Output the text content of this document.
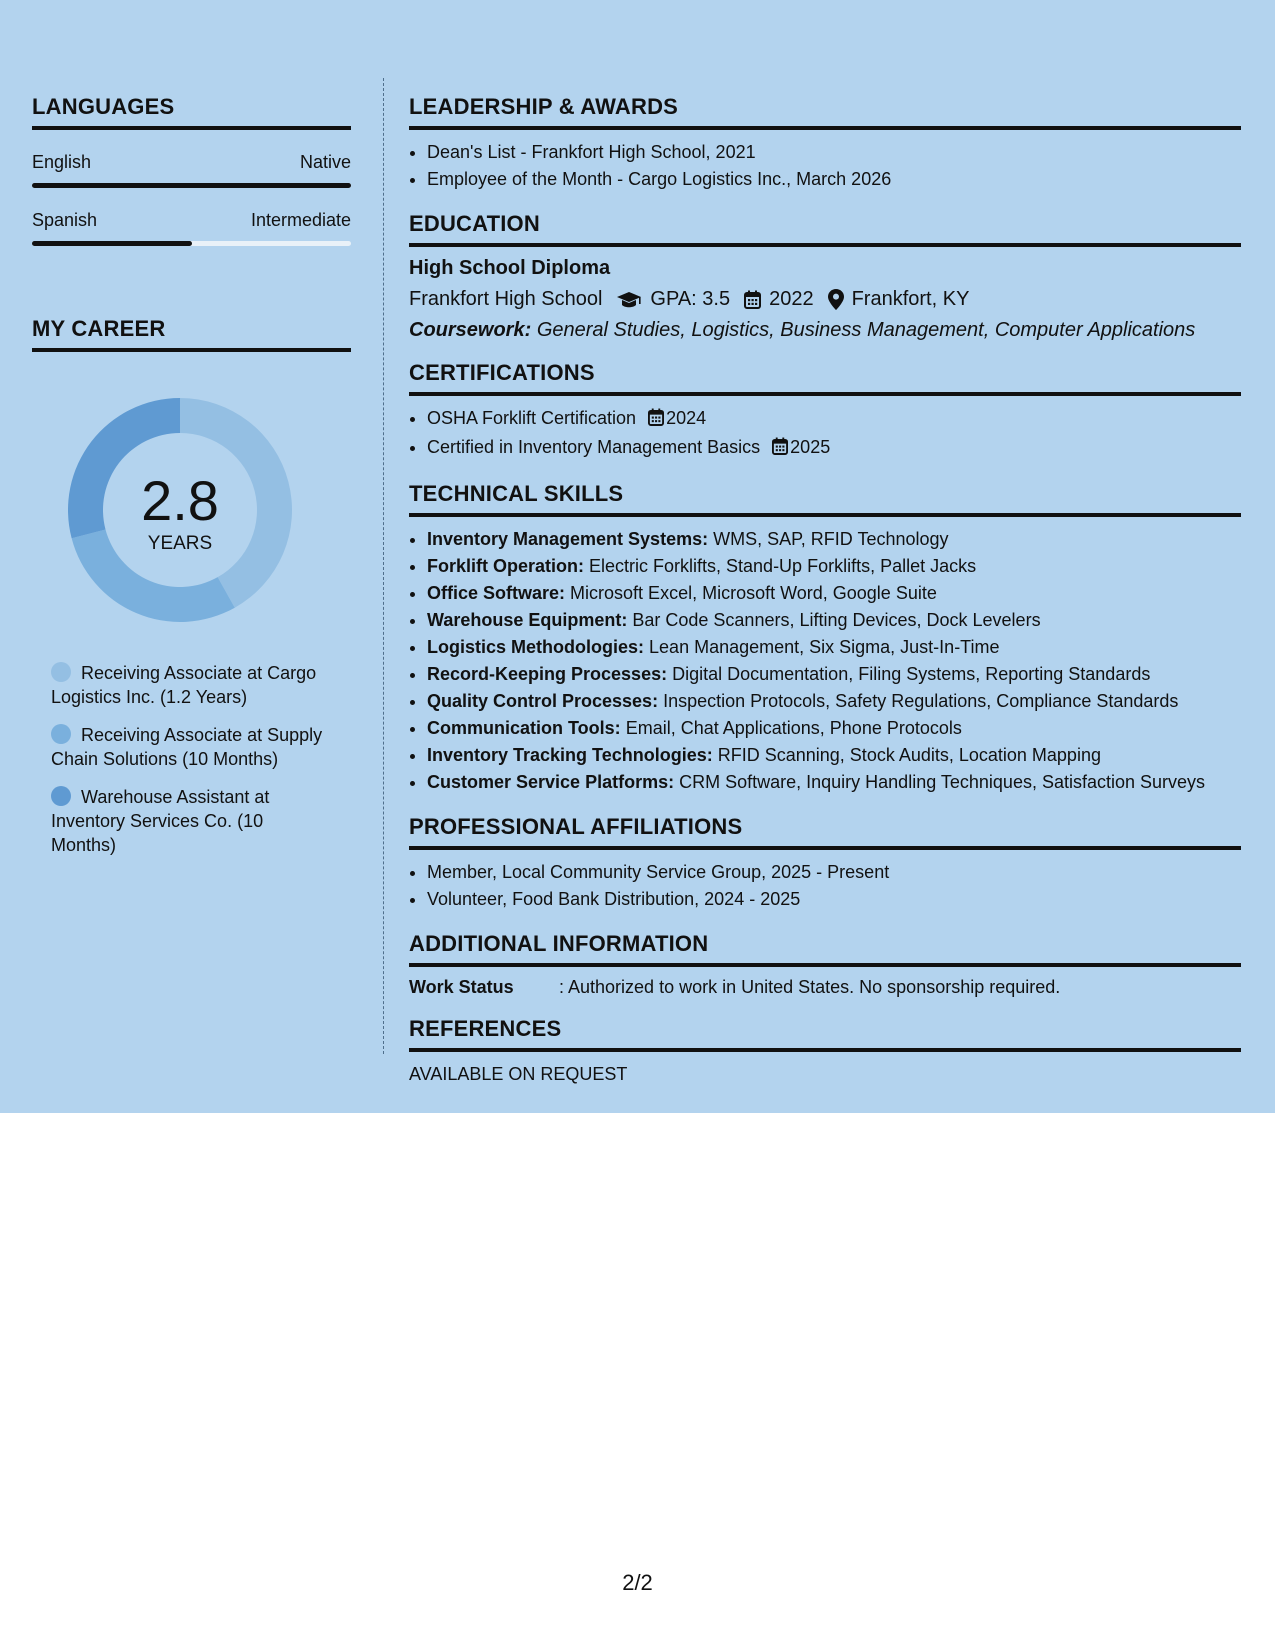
LANGUAGES
English	Native
Spanish	Intermediate
MY CAREER
2.8
YEARS
Receiving Associate at Cargo Logistics Inc. (1.2 Years)
Receiving Associate at Supply Chain Solutions (10 Months)
Warehouse Assistant at Inventory Services Co. (10 Months)
LEADERSHIP & AWARDS
• Dean's List - Frankfort High School, 2021
• Employee of the Month - Cargo Logistics Inc., March 2026
EDUCATION
High School Diploma
Frankfort High School GPA: 3.5 2022 Frankfort, KY
Coursework: General Studies, Logistics, Business Management, Computer Applications
CERTIFICATIONS
• OSHA Forklift Certification 2024
• Certified in Inventory Management Basics 2025
TECHNICAL SKILLS
• Inventory Management Systems: WMS, SAP, RFID Technology
• Forklift Operation: Electric Forklifts, Stand-Up Forklifts, Pallet Jacks
• Office Software: Microsoft Excel, Microsoft Word, Google Suite
• Warehouse Equipment: Bar Code Scanners, Lifting Devices, Dock Levelers
• Logistics Methodologies: Lean Management, Six Sigma, Just-In-Time
• Record-Keeping Processes: Digital Documentation, Filing Systems, Reporting Standards
• Quality Control Processes: Inspection Protocols, Safety Regulations, Compliance Standards
• Communication Tools: Email, Chat Applications, Phone Protocols
• Inventory Tracking Technologies: RFID Scanning, Stock Audits, Location Mapping
• Customer Service Platforms: CRM Software, Inquiry Handling Techniques, Satisfaction Surveys
PROFESSIONAL AFFILIATIONS
• Member, Local Community Service Group, 2025 - Present
• Volunteer, Food Bank Distribution, 2024 - 2025
ADDITIONAL INFORMATION
Work Status	: Authorized to work in United States. No sponsorship required.
REFERENCES
AVAILABLE ON REQUEST
2/2
